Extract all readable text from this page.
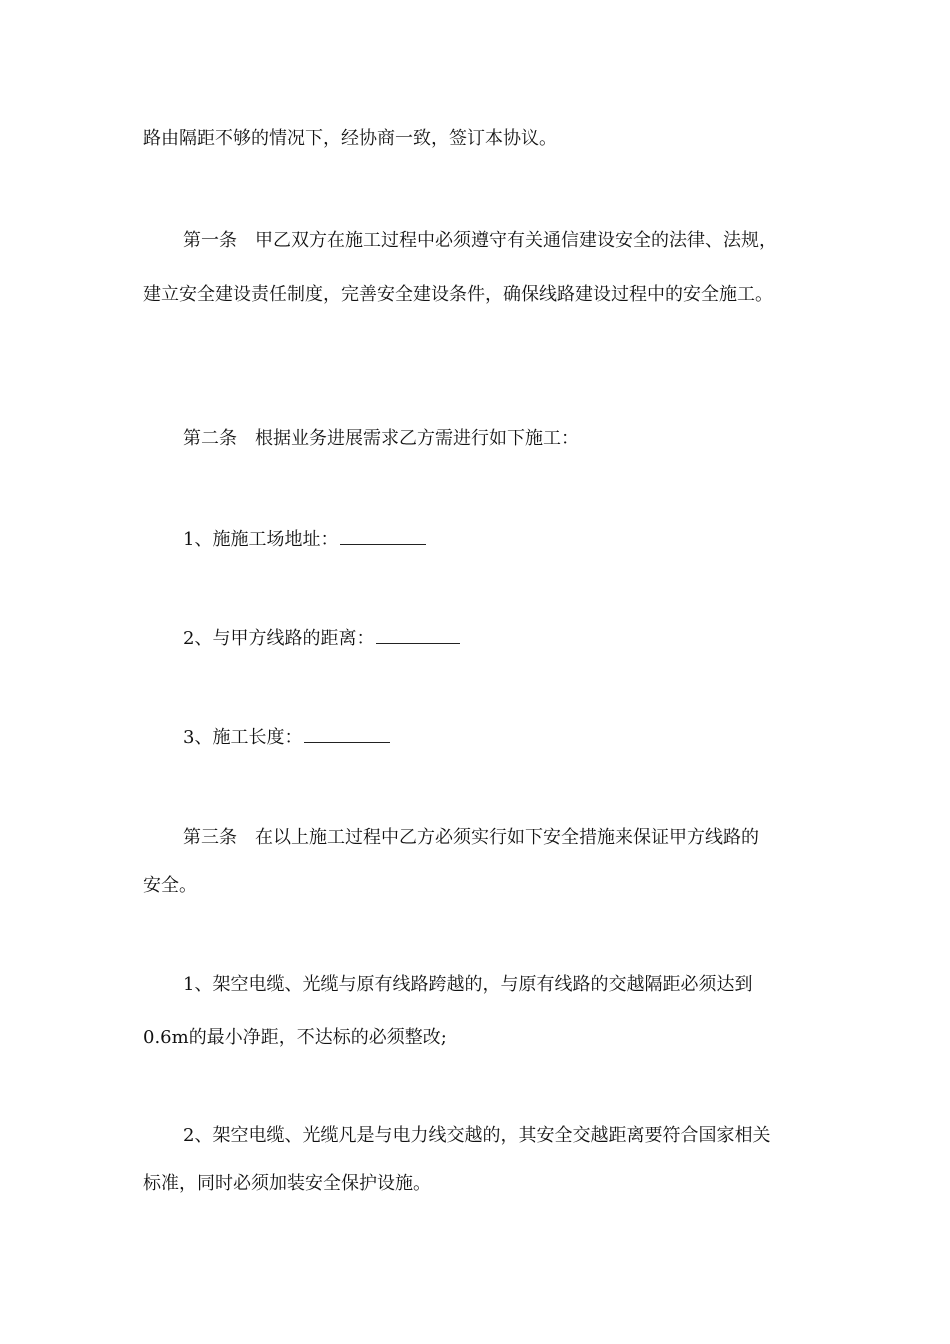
路由隔距不够的情况下，经协商一致，签订本协议。
第一条　甲乙双方在施工过程中必须遵守有关通信建设安全的法律、法规，
建立安全建设责任制度，完善安全建设条件，确保线路建设过程中的安全施工。
第二条　根据业务进展需求乙方需进行如下施工：
1、施施工场地址：
2、与甲方线路的距离：
3、施工长度：
第三条　在以上施工过程中乙方必须实行如下安全措施来保证甲方线路的
安全。
1、架空电缆、光缆与原有线路跨越的，与原有线路的交越隔距必须达到
0.6m的最小净距，不达标的必须整改;
2、架空电缆、光缆凡是与电力线交越的，其安全交越距离要符合国家相关
标准，同时必须加装安全保护设施。
